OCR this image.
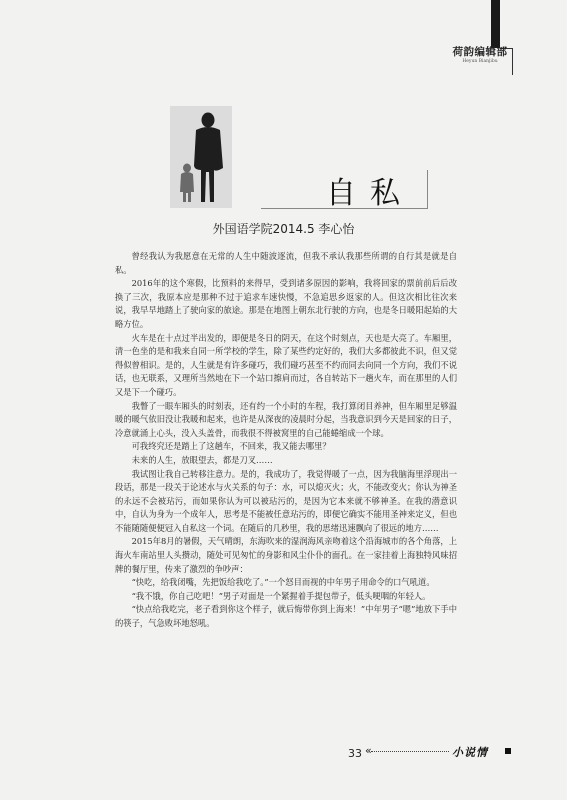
荷韵编辑部
Heyun Bianjibu
自私
外国语学院2014.5 李心怡

曾经我认为我愿意在无常的人生中随波逐流，但我不承认我那些所谓的自行其是就是自私。

2016年的这个寒假，比预料的来得早，受到诸多原因的影响，我将回家的票前前后后改换了三次，我原本应是那种不过于追求车速快慢，不急追思乡返家的人。但这次相比往次来说，我早早地踏上了驶向家的旅途。那是在地图上朝东北行驶的方向，也是冬日暖阳起始的大略方位。

火车是在十点过半出发的，即便是冬日的阴天，在这个时刻点，天也是大亮了。车厢里，清一色坐的是和我来自同一所学校的学生，除了某些约定好的，我们大多都彼此不识，但又觉得似曾相识。是的，人生就是有许多碰巧，我们碰巧甚至不约而同去向同一个方向，我们不说话，也无联系，又理所当然地在下一个站口擦肩而过，各自转站下一趟火车，而在那里的人们又是下一个碰巧。

我瞥了一眼车厢头的时刻表，还有约一个小时的车程，我打算闭目养神，但车厢里足够温暖的暖气依旧没让我暖和起来，也许是从深夜的凌晨时分起，当我意识到今天是回家的日子，冷意就涌上心头，没入头盖骨，而我很不得被窝里的自己能蜷缩成一个球。

可我终究还是踏上了这趟车，不回来，我又能去哪里？

未来的人生，放眼望去，都是刀叉……

我试图让我自己转移注意力。是的，我成功了，我觉得暖了一点，因为我脑海里浮现出一段话，那是一段关于论述水与火关系的句子：水，可以熄灭火；火，不能改变火；你认为神圣的永远不会被玷污，而如果你认为可以被玷污的，是因为它本来就不够神圣。在我的潜意识中，自认为身为一个成年人，思考是不能被任意玷污的，即便它确实不能用圣神来定义，但也不能随随便便冠入自私这一个词。在随后的几秒里，我的思绪迅速飘向了很远的地方……

2015年8月的暑假，天气晴朗，东海吹来的湿润海风亲吻着这个沿海城市的各个角落，上海火车南站里人头攒动，随处可见匆忙的身影和风尘仆仆的面孔。在一家挂着上海独特风味招牌的餐厅里，传来了激烈的争吵声：

“快吃，给我闭嘴，先把饭给我吃了。”一个怒目而视的中年男子用命令的口气吼道。

“我不饿，你自己吃吧！”男子对面是一个紧握着手提包带子，低头哽咽的年轻人。

“快点给我吃完，老子看到你这个样子，就后悔带你到上海来！”中年男子“嗯”地放下手中的筷子，气急败坏地怒吼。

33 «	小说情
